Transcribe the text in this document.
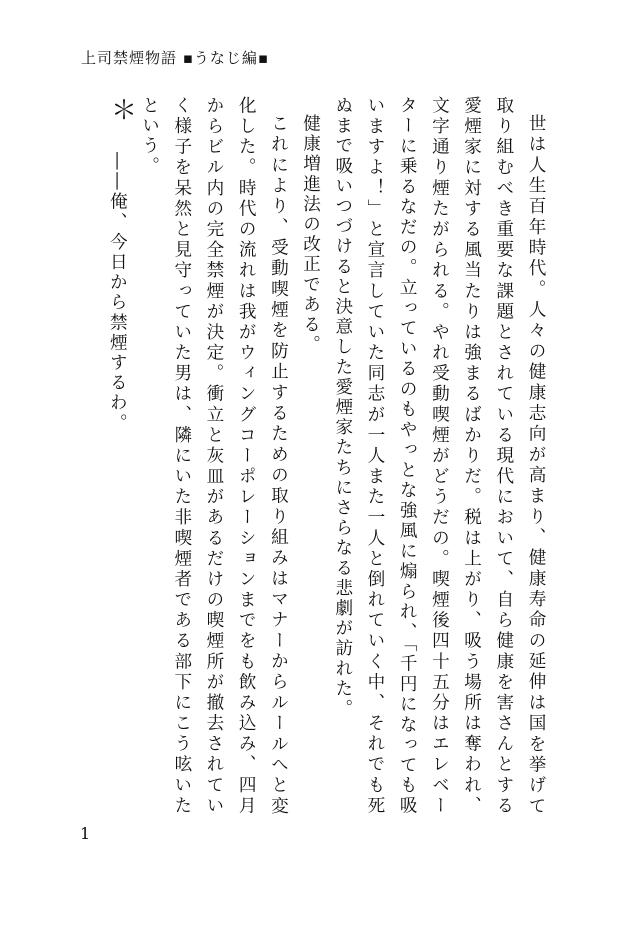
上司禁煙物語 ▪うなじ編▪

世は人生百年時代。人々の健康志向が高まり、健康寿命の延伸は国を挙げて取り組むべき重要な課題とされている現代において、自ら健康を害さんとする愛煙家に対する風当たりは強まるばかりだ。税は上がり、吸う場所は奪われ、文字通り煙たがられる。やれ受動喫煙がどうだの。喫煙後四十五分はエレベーターに乗るなだの。立っているのもやっとな強風に煽られ、「千円になっても吸いますよ！」と宣言していた同志が一人また一人と倒れていく中、それでも死ぬまで吸いつづけると決意した愛煙家たちにさらなる悲劇が訪れた。

健康増進法の改正である。

これにより、受動喫煙を防止するための取り組みはマナーからルールへと変化した。時代の流れは我がウィングコーポレーションまでをも飲み込み、四月からビル内の完全禁煙が決定。衝立と灰皿があるだけの喫煙所が撤去されていく様子を呆然と見守っていた男は、隣にいた非喫煙者である部下にこう呟いたという。

――俺、今日から禁煙するわ。

＊
1
